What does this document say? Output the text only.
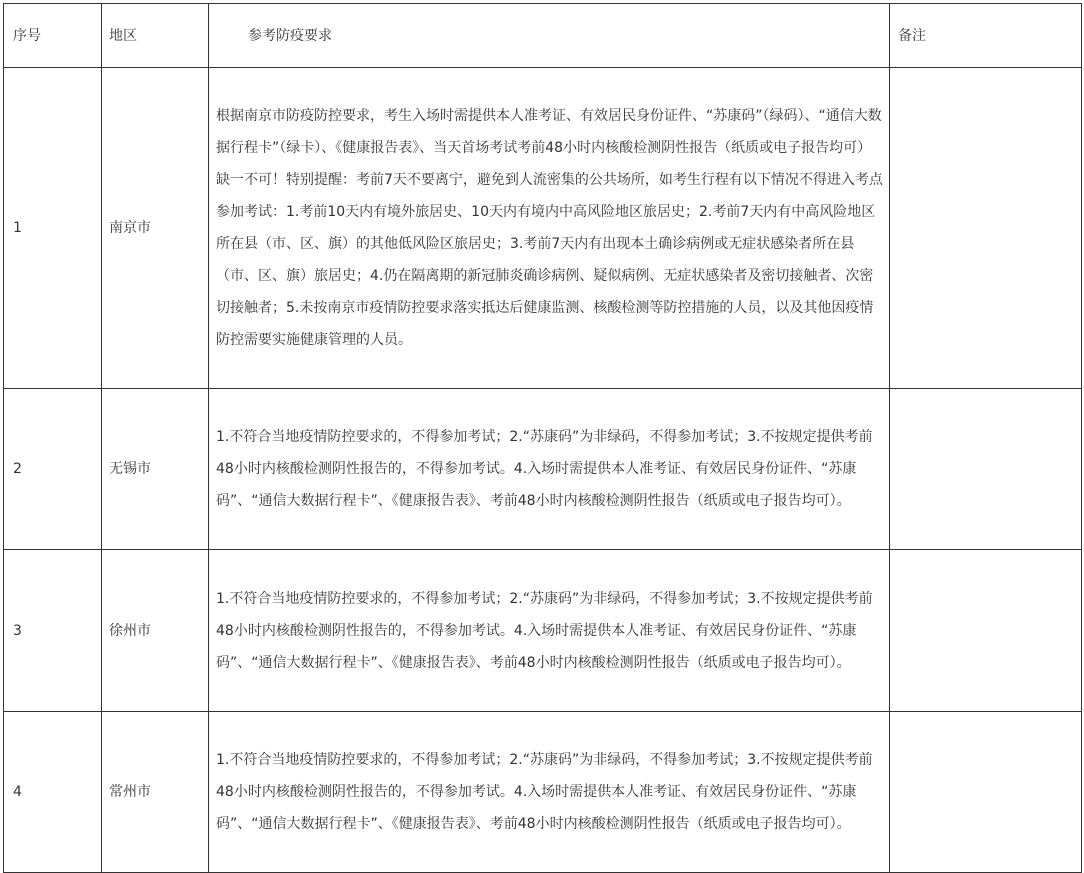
序号	地区	参考防疫要求	备注
1	南京市	根据南京市防疫防控要求，考生入场时需提供本人准考证、有效居民身份证件、“苏康码”（绿码）、“通信大数据行程卡”（绿卡）、《健康报告表》、当天首场考试考前48小时内核酸检测阴性报告（纸质或电子报告均可）缺一不可！特别提醒：考前7天不要离宁，避免到人流密集的公共场所，如考生行程有以下情况不得进入考点参加考试：1.考前10天内有境外旅居史、10天内有境内中高风险地区旅居史；2.考前7天内有中高风险地区所在县（市、区、旗）的其他低风险区旅居史；3.考前7天内有出现本土确诊病例或无症状感染者所在县（市、区、旗）旅居史；4.仍在隔离期的新冠肺炎确诊病例、疑似病例、无症状感染者及密切接触者、次密切接触者；5.未按南京市疫情防控要求落实抵达后健康监测、核酸检测等防控措施的人员，以及其他因疫情防控需要实施健康管理的人员。	
2	无锡市	1.不符合当地疫情防控要求的，不得参加考试；2.“苏康码”为非绿码，不得参加考试；3.不按规定提供考前48小时内核酸检测阴性报告的，不得参加考试。4.入场时需提供本人准考证、有效居民身份证件、“苏康码”、“通信大数据行程卡”、《健康报告表》、考前48小时内核酸检测阴性报告（纸质或电子报告均可）。	
3	徐州市	1.不符合当地疫情防控要求的，不得参加考试；2.“苏康码”为非绿码，不得参加考试；3.不按规定提供考前48小时内核酸检测阴性报告的，不得参加考试。4.入场时需提供本人准考证、有效居民身份证件、“苏康码”、“通信大数据行程卡”、《健康报告表》、考前48小时内核酸检测阴性报告（纸质或电子报告均可）。	
4	常州市	1.不符合当地疫情防控要求的，不得参加考试；2.“苏康码”为非绿码，不得参加考试；3.不按规定提供考前48小时内核酸检测阴性报告的，不得参加考试。4.入场时需提供本人准考证、有效居民身份证件、“苏康码”、“通信大数据行程卡”、《健康报告表》、考前48小时内核酸检测阴性报告（纸质或电子报告均可）。	
